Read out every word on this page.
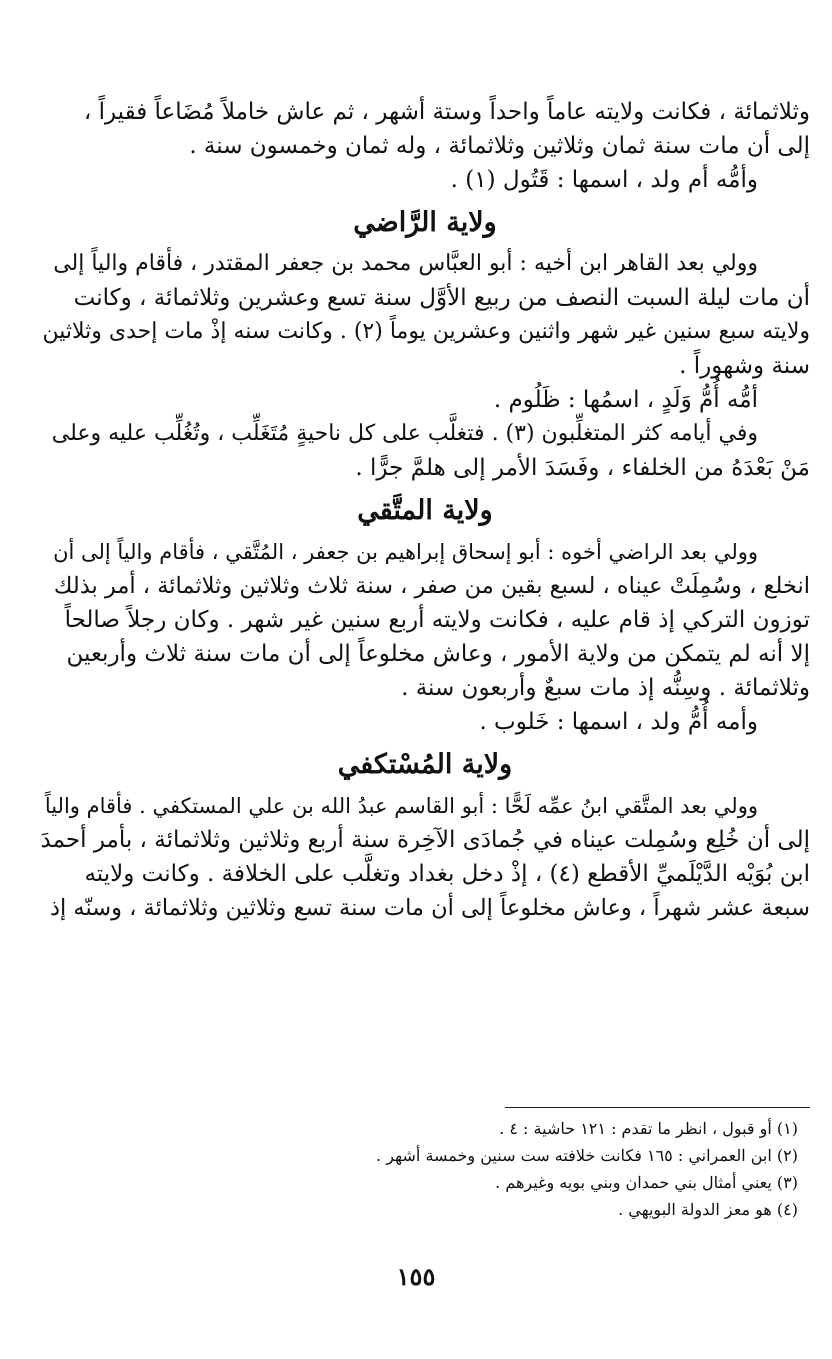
وثلاثمائة ، فكانت ولايته عاماً واحداً وستة أشهر ، ثم عاش خاملاً مُضَاعاً فقيراً ،

إلى أن مات سنة ثمان وثلاثين وثلاثمائة ، وله ثمان وخمسون سنة .

وأمُّه أم ولد ، اسمها : قَتُول (١) .

ولاية الرَّاضي

وولي بعد القاهر ابن أخيه : أبو العبَّاس محمد بن جعفر المقتدر ، فأقام والياً إلى

أن مات ليلة السبت النصف من ربيع الأوَّل سنة تسع وعشرين وثلاثمائة ، وكانت

ولايته سبع سنين غير شهر واثنين وعشرين يوماً (٢) . وكانت سنه إذْ مات إحدى وثلاثين

سنة وشهوراً .

أمُّه أُمُّ وَلَدٍ ، اسمُها : ظَلُوم .

وفي أيامه كثر المتغلِّبون (٣) . فتغلَّب على كل ناحيةٍ مُتَغَلِّب ، وتُغُلِّب عليه وعلى

مَنْ بَعْدَهُ من الخلفاء ، وفَسَدَ الأمر إلى هلمَّ جرًّا .

ولاية المتَّقي

وولي بعد الراضي أخوه : أبو إسحاق إبراهيم بن جعفر ، المُتَّقي ، فأقام والياً إلى أن

انخلع ، وسُمِلَتْ عيناه ، لسبع بقين من صفر ، سنة ثلاث وثلاثين وثلاثمائة ، أمر بذلك

توزون التركي إذ قام عليه ، فكانت ولايته أربع سنين غير شهر . وكان رجلاً صالحاً

إلا أنه لم يتمكن من ولاية الأمور ، وعاش مخلوعاً إلى أن مات سنة ثلاث وأربعين

وثلاثمائة . وسِنُّه إذ مات سبعٌ وأربعون سنة .

وأمه أُمُّ ولد ، اسمها : خَلوب .

ولاية المُسْتكفي

وولي بعد المتَّقي ابنُ عمِّه لَحًّا : أبو القاسم عبدُ الله بن علي المستكفي . فأقام والياً

إلى أن خُلِع وسُمِلت عيناه في جُمادَى الآخِرة سنة أربع وثلاثين وثلاثمائة ، بأمر أحمدَ

ابن بُوَيْه الدَّيْلَميِّ الأقطع (٤) ، إذْ دخل بغداد وتغلَّب على الخلافة . وكانت ولايته

سبعة عشر شهراً ، وعاش مخلوعاً إلى أن مات سنة تسع وثلاثين وثلاثمائة ، وسنّه إذ

(١) أو قبول ، انظر ما تقدم : ١٢١ حاشية : ٤ .

(٢) ابن العمراني : ١٦٥ فكانت خلافته ست سنين وخمسة أشهر .

(٣) يعني أمثال بني حمدان وبني بويه وغيرهم .

(٤) هو معز الدولة البويهي .

١٥٥
